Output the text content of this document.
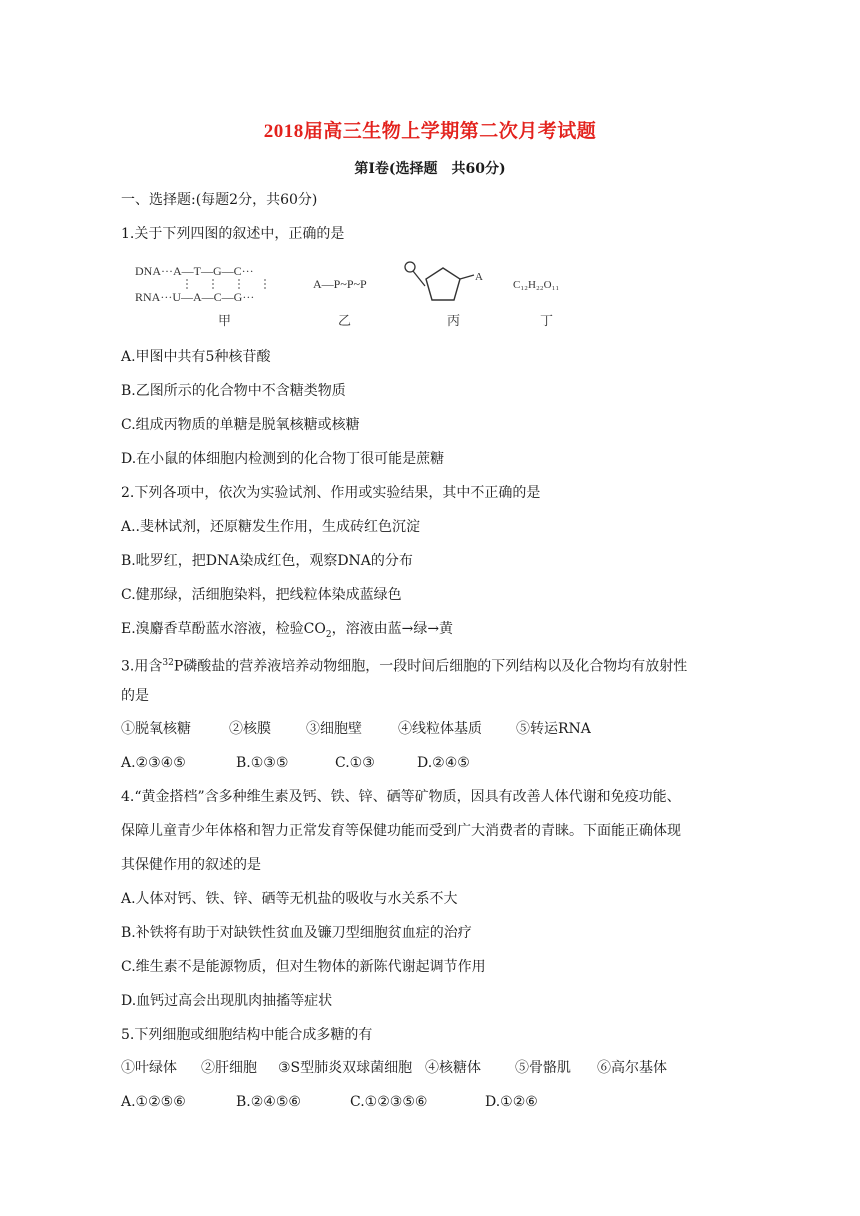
2018届高三生物上学期第二次月考试题
第Ⅰ卷(选择题　共60分)
一、选择题:(每题2分，共60分)
1.关于下列四图的叙述中，正确的是
DNA···A—T—G—C···
RNA···U—A—C—G···
甲
A—P~P~P
乙
A
丙
C₁₂H₂₂O₁₁
丁
A.甲图中共有5种核苷酸
B.乙图所示的化合物中不含糖类物质
C.组成丙物质的单糖是脱氧核糖或核糖
D.在小鼠的体细胞内检测到的化合物丁很可能是蔗糖
2.下列各项中，依次为实验试剂、作用或实验结果，其中不正确的是
A..斐林试剂，还原糖发生作用，生成砖红色沉淀
B.吡罗红，把DNA染成红色，观察DNA的分布
C.健那绿，活细胞染料，把线粒体染成蓝绿色
E.溴麝香草酚蓝水溶液，检验$CO_2$，溶液由蓝→绿→黄
3.用含$^{32}$P磷酸盐的营养液培养动物细胞，一段时间后细胞的下列结构以及化合物均有放射性
的是
①脱氧核糖	②核膜	③细胞壁	④线粒体基质 ⑤转运RNA
A.②③④⑤	B.①③⑤	C.①③	D.②④⑤
4.“黄金搭档”含多种维生素及钙、铁、锌、硒等矿物质，因具有改善人体代谢和免疫功能、
保障儿童青少年体格和智力正常发育等保健功能而受到广大消费者的青睐。下面能正确体现
其保健作用的叙述的是
A.人体对钙、铁、锌、硒等无机盐的吸收与水关系不大
B.补铁将有助于对缺铁性贫血及镰刀型细胞贫血症的治疗
C.维生素不是能源物质，但对生物体的新陈代谢起调节作用
D.血钙过高会出现肌肉抽搐等症状
5.下列细胞或细胞结构中能合成多糖的有
①叶绿体 ②肝细胞 ③S型肺炎双球菌细胞 ④核糖体 ⑤骨骼肌 ⑥高尔基体
A.①②⑤⑥	B.②④⑤⑥	C.①②③⑤⑥	D.①②⑥
